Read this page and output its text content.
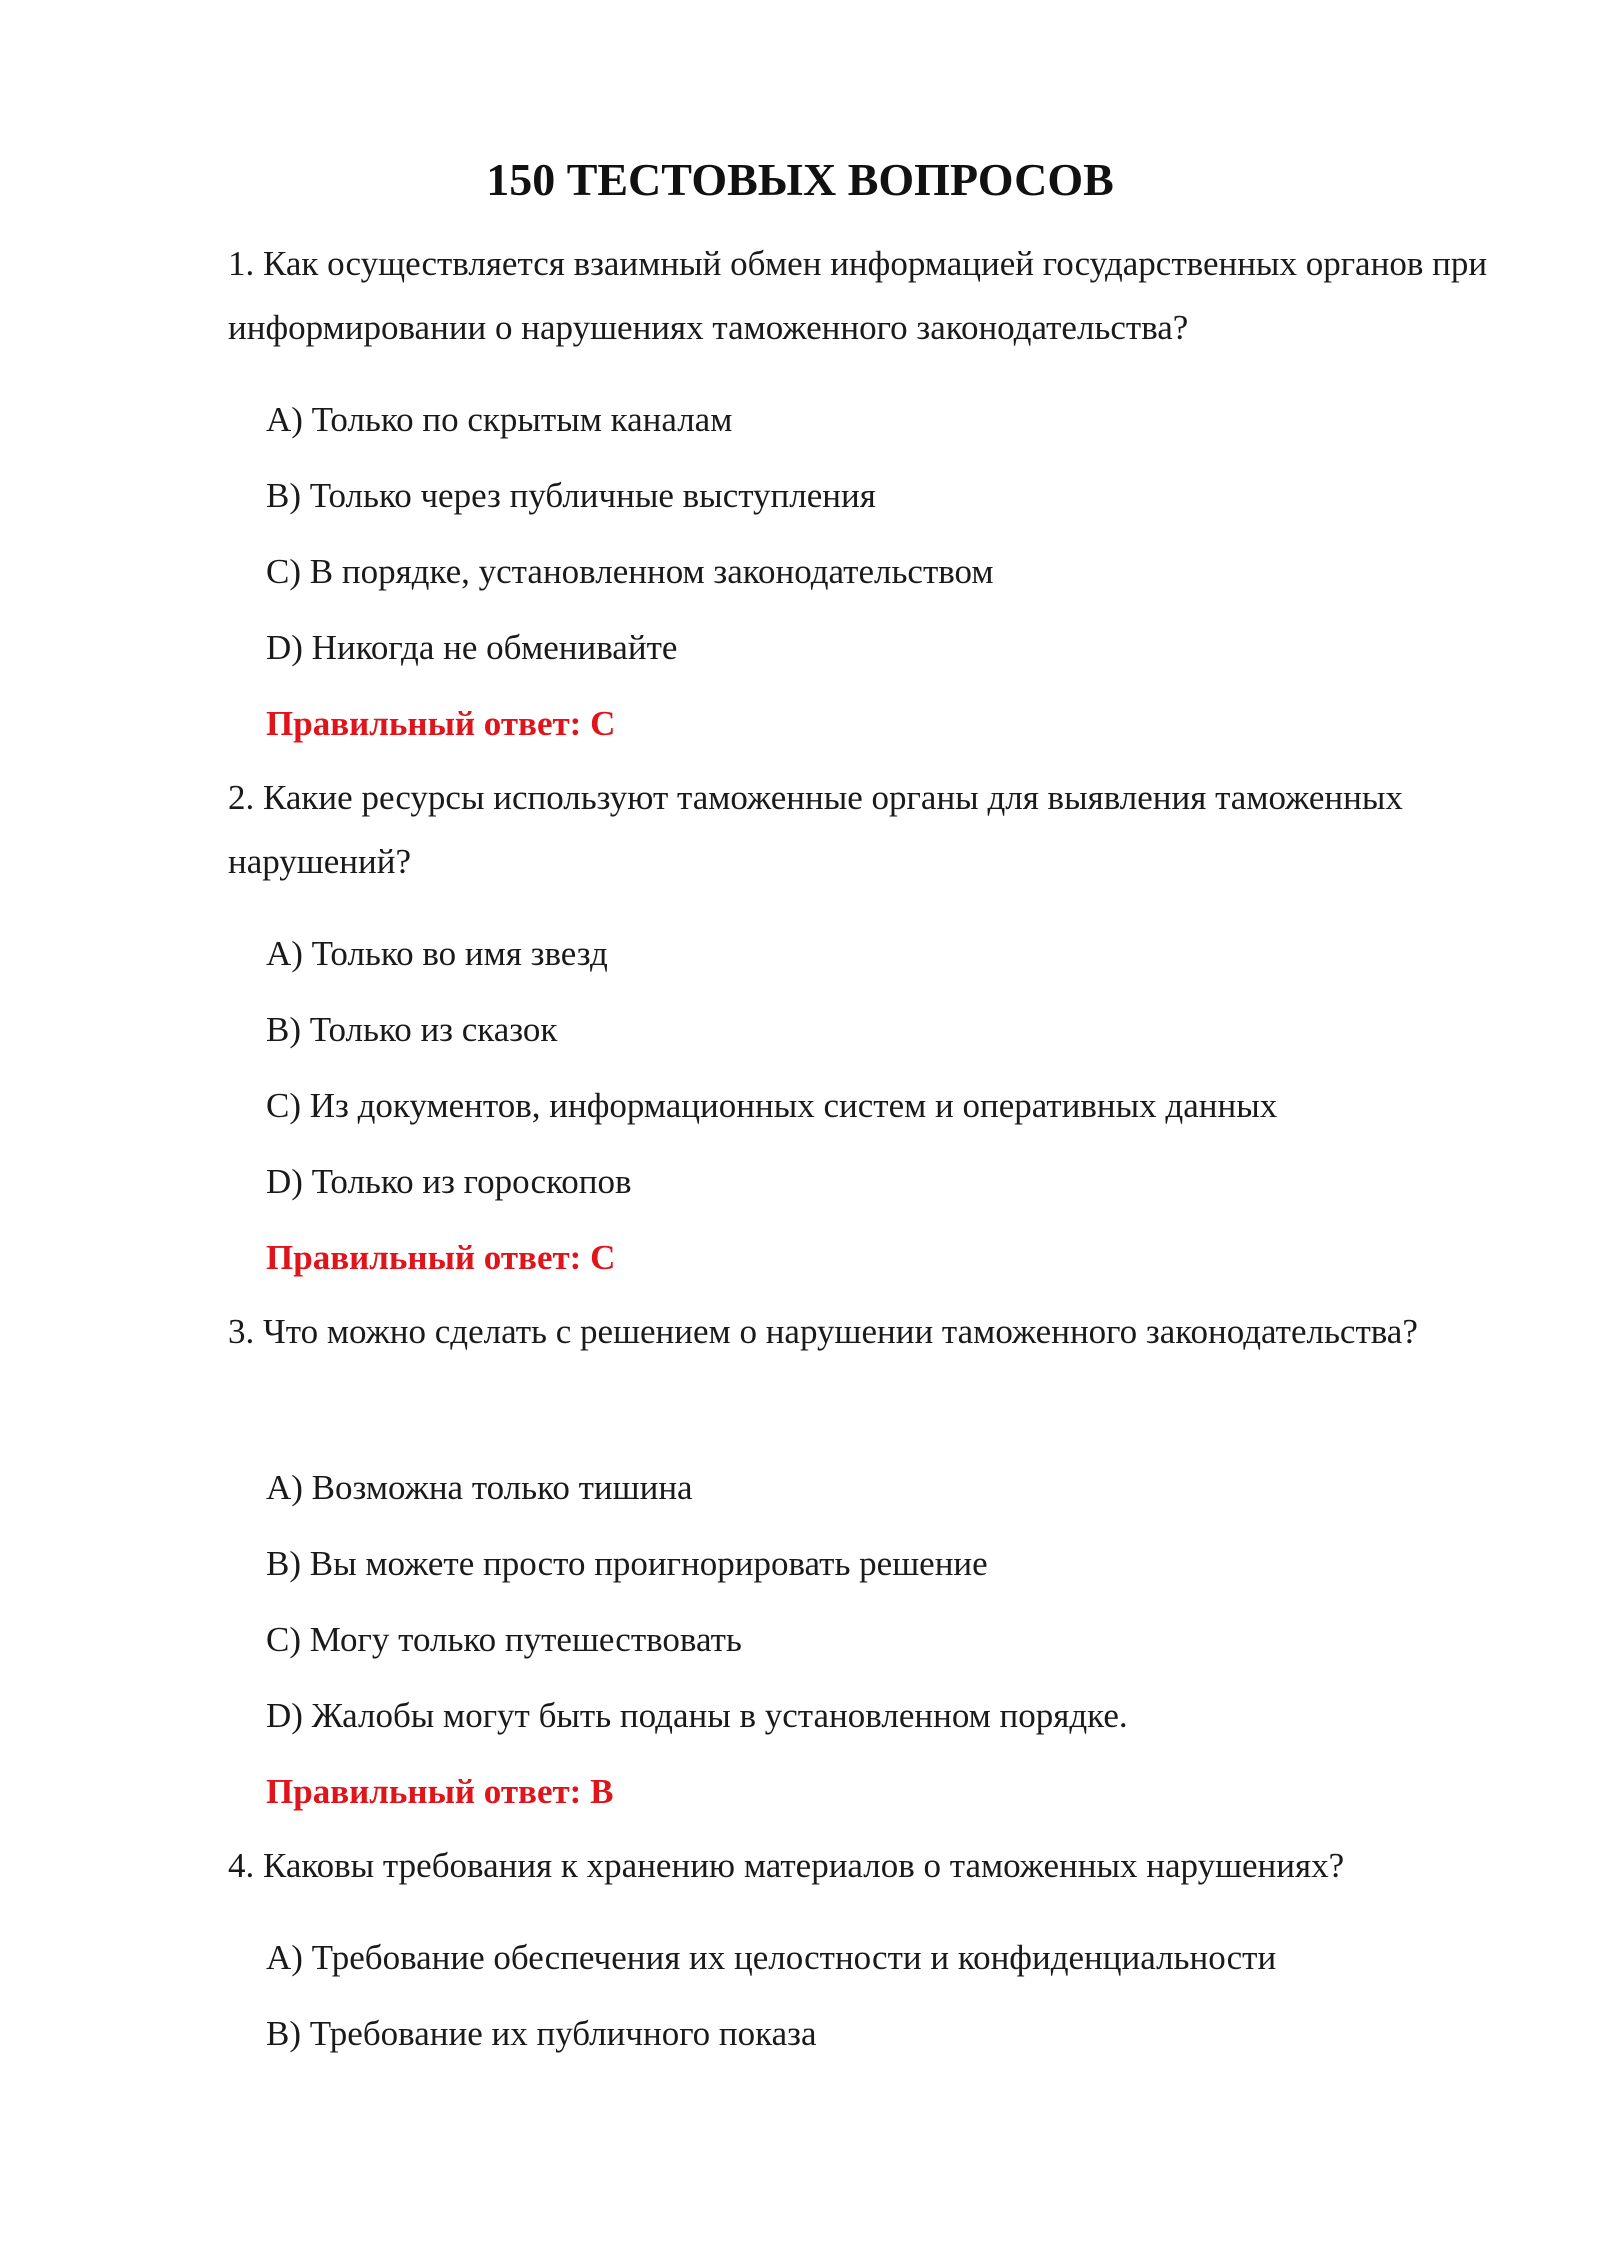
150 ТЕСТОВЫХ ВОПРОСОВ

1. Как осуществляется взаимный обмен информацией государственных органов при информировании о нарушениях таможенного законодательства?

A) Только по скрытым каналам

B) Только через публичные выступления

C) В порядке, установленном законодательством

D) Никогда не обменивайте

Правильный ответ: C

2. Какие ресурсы используют таможенные органы для выявления таможенных нарушений?

A) Только во имя звезд

B) Только из сказок

C) Из документов, информационных систем и оперативных данных

D) Только из гороскопов

Правильный ответ: C

3. Что можно сделать с решением о нарушении таможенного законодательства?

A) Возможна только тишина

B) Вы можете просто проигнорировать решение

C) Могу только путешествовать

D) Жалобы могут быть поданы в установленном порядке.

Правильный ответ: B

4. Каковы требования к хранению материалов о таможенных нарушениях?

A) Требование обеспечения их целостности и конфиденциальности

B) Требование их публичного показа
